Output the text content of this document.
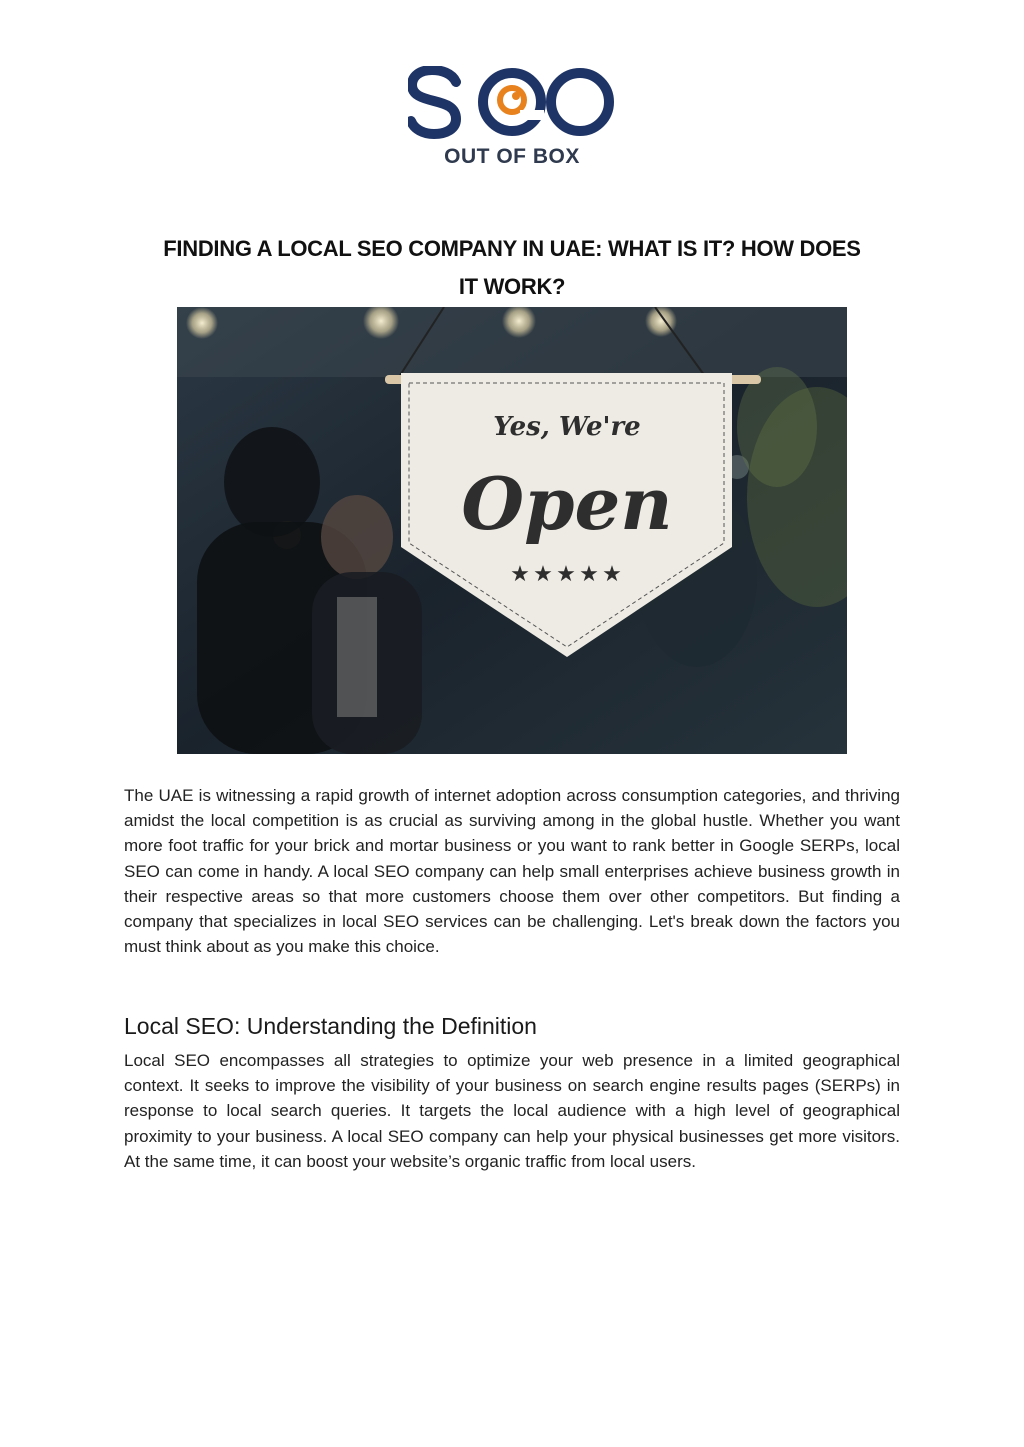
OUT OF BOX
FINDING A LOCAL SEO COMPANY IN UAE: WHAT IS IT? HOW DOES
IT WORK?
Yes, We're
Open
★ ★ ★ ★ ★

The UAE is witnessing a rapid growth of internet adoption across consumption categories, and thriving amidst the local competition is as crucial as surviving among in the global hustle. Whether you want more foot traffic for your brick and mortar business or you want to rank better in Google SERPs, local SEO can come in handy. A local SEO company can help small enterprises achieve business growth in their respective areas so that more customers choose them over other competitors. But finding a company that specializes in local SEO services can be challenging. Let's break down the factors you must think about as you make this choice.

Local SEO: Understanding the Definition

Local SEO encompasses all strategies to optimize your web presence in a limited geographical context. It seeks to improve the visibility of your business on search engine results pages (SERPs) in response to local search queries. It targets the local audience with a high level of geographical proximity to your business. A local SEO company can help your physical businesses get more visitors. At the same time, it can boost your website’s organic traffic from local users.
